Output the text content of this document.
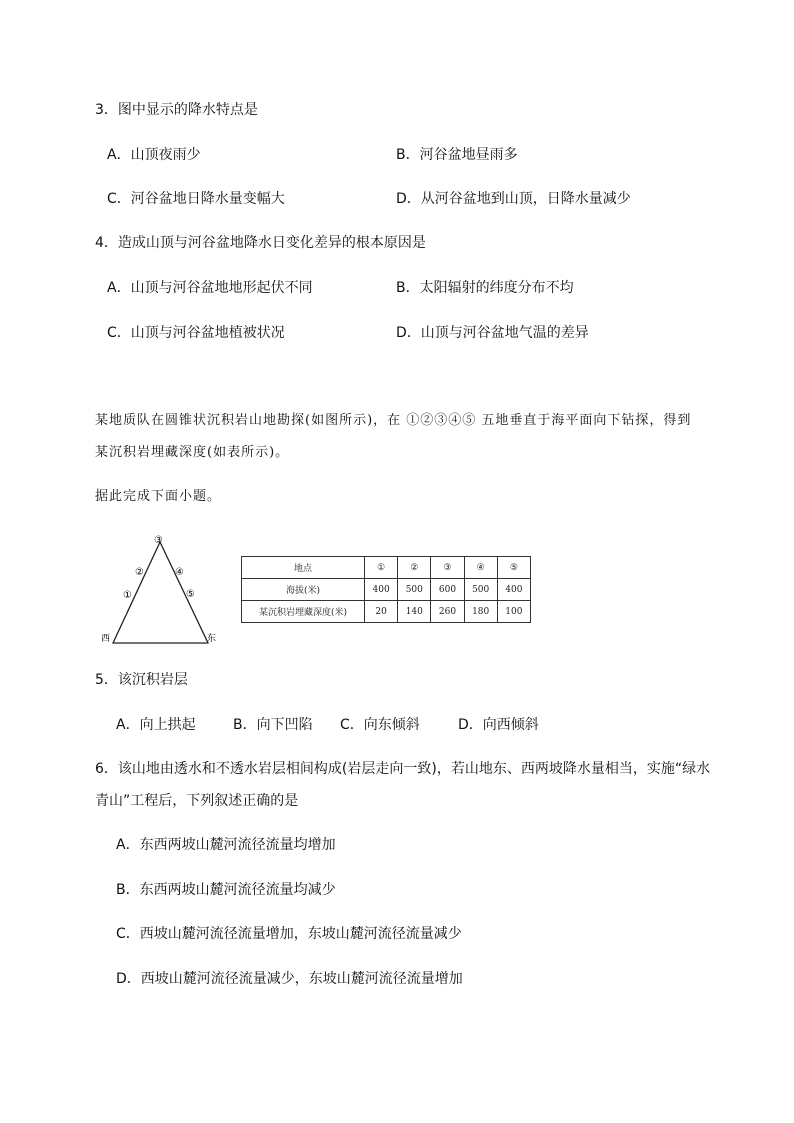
3．图中显示的降水特点是
A．山顶夜雨少	B．河谷盆地昼雨多
C．河谷盆地日降水量变幅大	D．从河谷盆地到山顶，日降水量减少
4．造成山顶与河谷盆地降水日变化差异的根本原因是
A．山顶与河谷盆地地形起伏不同	B．太阳辐射的纬度分布不均
C．山顶与河谷盆地植被状况	D．山顶与河谷盆地气温的差异
某地质队在圆锥状沉积岩山地勘探(如图所示)，在 ①②③④⑤ 五地垂直于海平面向下钻探，得到
某沉积岩埋藏深度(如表所示)。
据此完成下面小题。
③
②	④
①	⑤
西	东
地点	①	②	③	④	⑤
海拔(米)	400	500	600	500	400
某沉积岩埋藏深度(米)	20	140	260	180	100
5．该沉积岩层
A．向上拱起	B．向下凹陷 C．向东倾斜	D．向西倾斜
6．该山地由透水和不透水岩层相间构成(岩层走向一致)，若山地东、西两坡降水量相当，实施“绿水
青山”工程后，下列叙述正确的是
A．东西两坡山麓河流径流量均增加
B．东西两坡山麓河流径流量均减少
C．西坡山麓河流径流量增加，东坡山麓河流径流量减少
D．西坡山麓河流径流量减少，东坡山麓河流径流量增加
